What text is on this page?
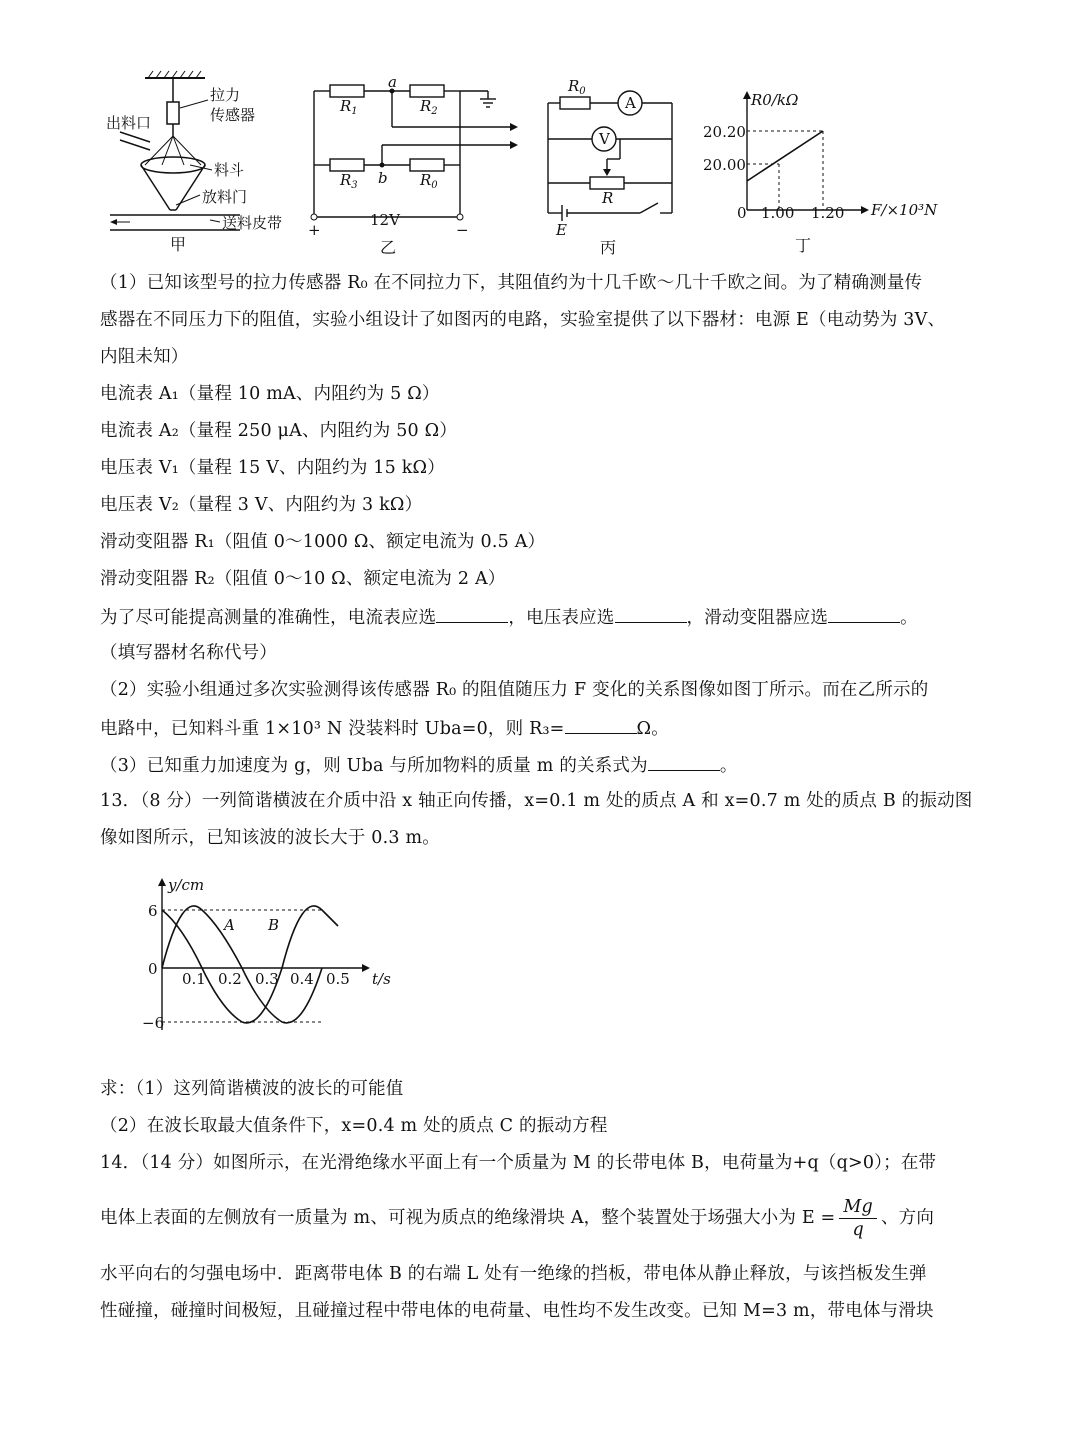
拉力
传感器
出料口
料斗
放料门
送料皮带
甲
$R_1$	$R_2$
$R_3$	$R_0$
a
b
12V
+	−
乙
$R_0$
A
V
R
E
丙
R0/kΩ
F/×10³N
20.20
20.00
0 1.00 1.20
丁
（1）已知该型号的拉力传感器 R₀ 在不同拉力下，其阻值约为十几千欧～几十千欧之间。为了精确测量传
感器在不同压力下的阻值，实验小组设计了如图丙的电路，实验室提供了以下器材：电源 E（电动势为 3V、
内阻未知）
电流表 A₁（量程 10 mA、内阻约为 5 Ω）
电流表 A₂（量程 250 μA、内阻约为 50 Ω）
电压表 V₁（量程 15 V、内阻约为 15 kΩ）
电压表 V₂（量程 3 V、内阻约为 3 kΩ）
滑动变阻器 R₁（阻值 0～1000 Ω、额定电流为 0.5 A）
滑动变阻器 R₂（阻值 0～10 Ω、额定电流为 2 A）
为了尽可能提高测量的准确性，电流表应选	，电压表应选	，滑动变阻器应选	。
（填写器材名称代号）
（2）实验小组通过多次实验测得该传感器 R₀ 的阻值随压力 F 变化的关系图像如图丁所示。而在乙所示的
电路中，已知料斗重 1×10³ N 没装料时 Uba=0，则 R₃=	Ω。
（3）已知重力加速度为 g，则 Uba 与所加物料的质量 m 的关系式为	。
13．（8 分）一列简谐横波在介质中沿 x 轴正向传播，x=0.1 m 处的质点 A 和 x=0.7 m 处的质点 B 的振动图
像如图所示，已知该波的波长大于 0.3 m。
y/cm
t/s
6
0
−6
0.1 0.2 0.3 0.4 0.5
A B
求：（1）这列简谐横波的波长的可能值
（2）在波长取最大值条件下，x=0.4 m 处的质点 C 的振动方程
14．（14 分）如图所示，在光滑绝缘水平面上有一个质量为 M 的长带电体 B，电荷量为+q（q>0）；在带
电体上表面的左侧放有一质量为 m、可视为质点的绝缘滑块 A，整个装置处于场强大小为 $E = \frac{Mg}{q}$ 、方向
水平向右的匀强电场中．距离带电体 B 的右端 L 处有一绝缘的挡板，带电体从静止释放，与该挡板发生弹
性碰撞，碰撞时间极短，且碰撞过程中带电体的电荷量、电性均不发生改变。已知 M=3 m，带电体与滑块
